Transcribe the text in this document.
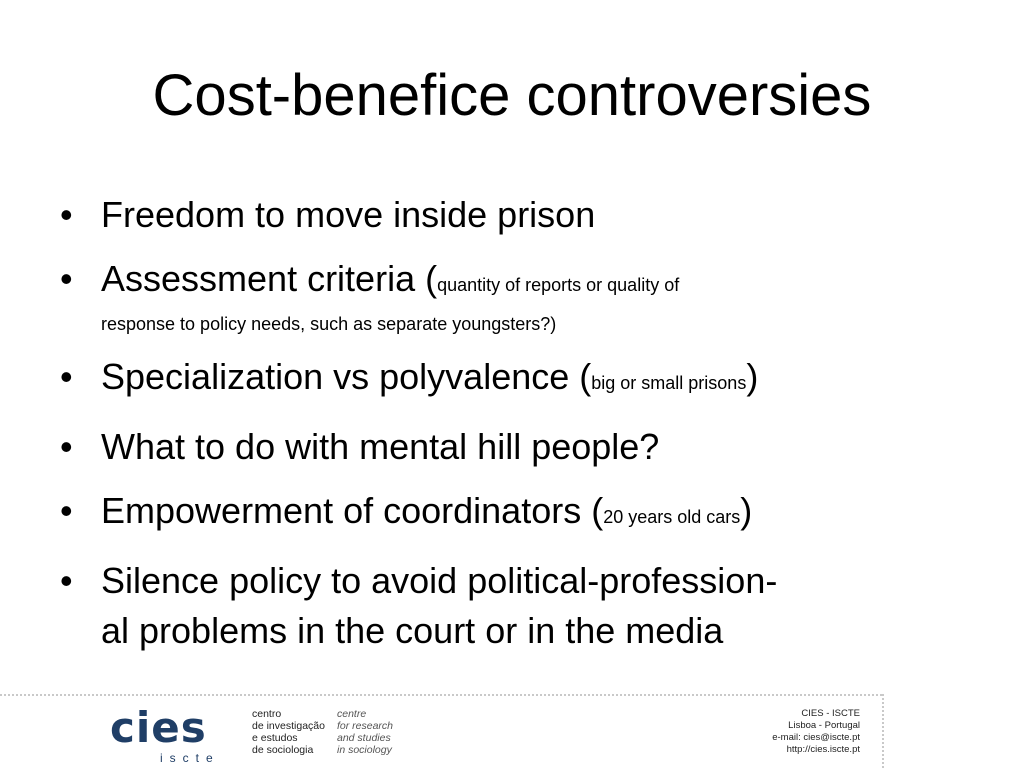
Cost-benefice controversies
• Freedom to move inside prison
• Assessment criteria (quantity of reports or quality of
response to policy needs, such as separate youngsters?)
• Specialization vs polyvalence (big or small prisons)
• What to do with mental hill people?
• Empowerment of coordinators (20 years old cars)
• Silence policy to avoid political-profession-
al problems in the court or in the media
cies
iscte
centro
de investigação
e estudos
de sociologia
centre
for research
and studies
in sociology
CIES - ISCTE
Lisboa - Portugal
e-mail: cies@iscte.pt
http://cies.iscte.pt
